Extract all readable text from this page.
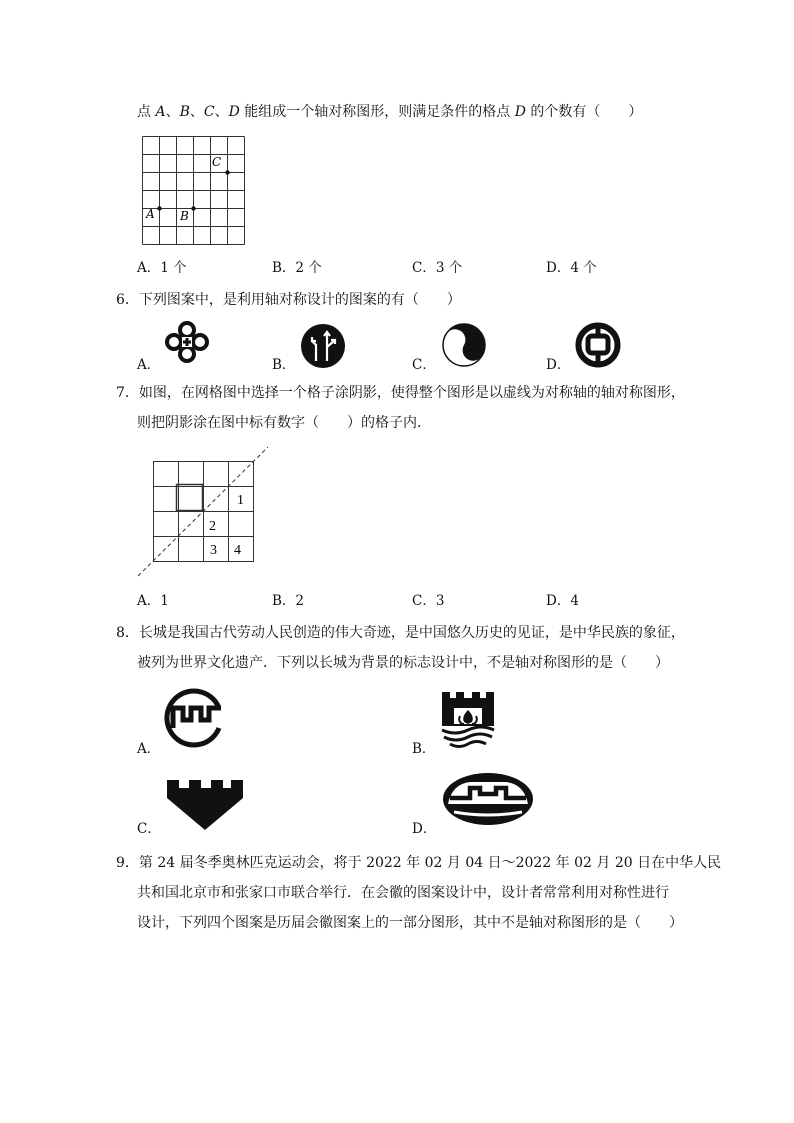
点 A、B、C、D 能组成一个轴对称图形，则满足条件的格点 D 的个数有（　　）
A B
C
A．1 个	B．2 个	C．3 个	D．4 个
6．下列图案中，是利用轴对称设计的图案的有（　　）
A．	B．	C．	D．
7．如图，在网格图中选择一个格子涂阴影，使得整个图形是以虚线为对称轴的轴对称图形，
则把阴影涂在图中标有数字（　　）的格子内．
1
2
3 4
A．1	B．2	C．3	D．4
8．长城是我国古代劳动人民创造的伟大奇迹，是中国悠久历史的见证，是中华民族的象征，
被列为世界文化遗产．下列以长城为背景的标志设计中，不是轴对称图形的是（　　）
A．	B．
C．	D．
9．第 24 届冬季奥林匹克运动会，将于 2022 年 02 月 04 日～2022 年 02 月 20 日在中华人民
共和国北京市和张家口市联合举行．在会徽的图案设计中，设计者常常利用对称性进行
设计，下列四个图案是历届会徽图案上的一部分图形，其中不是轴对称图形的是（　　）
